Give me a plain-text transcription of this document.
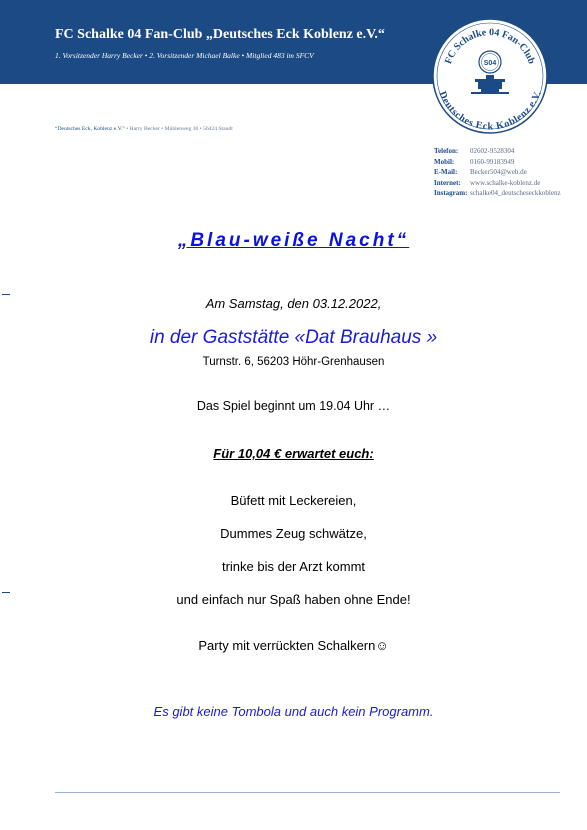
FC Schalke 04 Fan-Club „Deutsches Eck Koblenz e.V.“
1. Vorsitzender Harry Becker • 2. Vorsitzender Michael Balke • Mitglied 483 im SFCV
FC Schalke 04 Fan-Club
Deutsches Eck Koblenz e.V.
S04
“Deutsches Eck, Koblenz e.V.” • Harry Becker • Mühlenweg 30 • 56424 Staudt
Telefon: 02602-9528304
Mobil: 0160-99183949
E-Mail: Becker504@web.de
Internet: www.schalke-koblenz.de
Instagram: schalke04_deutscheseckkoblenz
„Blau-weiße Nacht“
Am Samstag, den 03.12.2022,
in der Gaststätte «Dat Brauhaus »
Turnstr. 6, 56203 Höhr-Grenhausen
Das Spiel beginnt um 19.04 Uhr …
Für 10,04 € erwartet euch:
Büfett mit Leckereien,
Dummes Zeug schwätze,
trinke bis der Arzt kommt
und einfach nur Spaß haben ohne Ende!
Party mit verrückten Schalkern☺
Es gibt keine Tombola und auch kein Programm.
